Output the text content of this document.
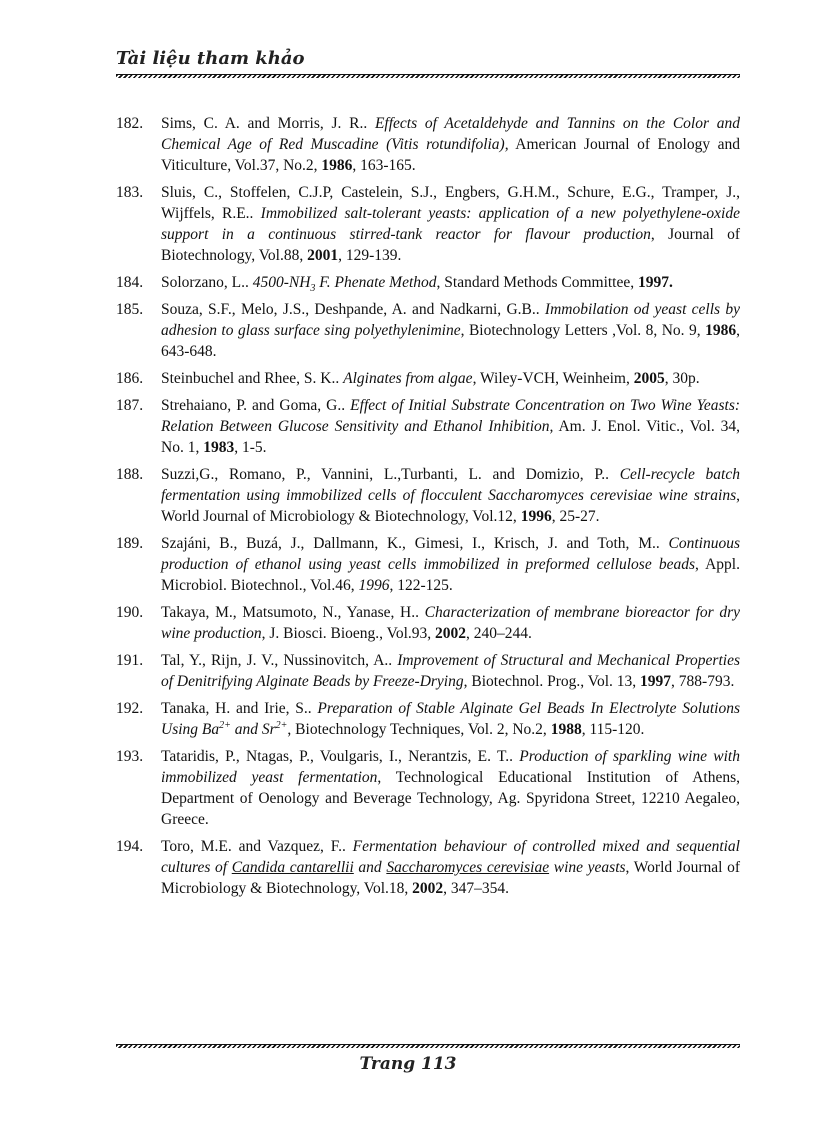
Tài liệu tham khảo
182.	Sims, C. A. and Morris, J. R.. Effects of Acetaldehyde and Tannins on the Color and Chemical Age of Red Muscadine (Vitis rotundifolia), American Journal of Enology and Viticulture, Vol.37, No.2, 1986, 163-165.
183.	Sluis, C., Stoffelen, C.J.P, Castelein, S.J., Engbers, G.H.M., Schure, E.G., Tramper, J., Wijffels, R.E.. Immobilized salt-tolerant yeasts: application of a new polyethylene-oxide support in a continuous stirred-tank reactor for flavour production, Journal of Biotechnology, Vol.88, 2001, 129-139.
184.	Solorzano, L.. $4500-NH_3$ F. Phenate Method, Standard Methods Committee, 1997.
185.	Souza, S.F., Melo, J.S., Deshpande, A. and Nadkarni, G.B.. Immobilation od yeast cells by adhesion to glass surface sing polyethylenimine, Biotechnology Letters ,Vol. 8, No. 9, 1986, 643-648.
186.	Steinbuchel and Rhee, S. K.. Alginates from algae, Wiley-VCH, Weinheim, 2005, 30p.
187.	Strehaiano, P. and Goma, G.. Effect of Initial Substrate Concentration on Two Wine Yeasts: Relation Between Glucose Sensitivity and Ethanol Inhibition, Am. J. Enol. Vitic., Vol. 34, No. 1, 1983, 1-5.
188.	Suzzi,G., Romano, P., Vannini, L.,Turbanti, L. and Domizio, P.. Cell-recycle batch fermentation using immobilized cells of flocculent Saccharomyces cerevisiae wine strains, World Journal of Microbiology & Biotechnology, Vol.12, 1996, 25-27.
189.	Szajáni, B., Buzá, J., Dallmann, K., Gimesi, I., Krisch, J. and Toth, M.. Continuous production of ethanol using yeast cells immobilized in preformed cellulose beads, Appl. Microbiol. Biotechnol., Vol.46, 1996, 122-125.
190.	Takaya, M., Matsumoto, N., Yanase, H.. Characterization of membrane bioreactor for dry wine production, J. Biosci. Bioeng., Vol.93, 2002, 240–244.
191.	Tal, Y., Rijn, J. V., Nussinovitch, A.. Improvement of Structural and Mechanical Properties of Denitrifying Alginate Beads by Freeze-Drying, Biotechnol. Prog., Vol. 13, 1997, 788-793.
192.	Tanaka, H. and Irie, S.. Preparation of Stable Alginate Gel Beads In Electrolyte Solutions Using $Ba^{2+}$ and $Sr^{2+}$, Biotechnology Techniques, Vol. 2, No.2, 1988, 115-120.
193.	Tataridis, P., Ntagas, P., Voulgaris, I., Nerantzis, E. T.. Production of sparkling wine with immobilized yeast fermentation, Technological Educational Institution of Athens, Department of Oenology and Beverage Technology, Ag. Spyridona Street, 12210 Aegaleo, Greece.
194.	Toro, M.E. and Vazquez, F.. Fermentation behaviour of controlled mixed and sequential cultures of Candida cantarellii and Saccharomyces cerevisiae wine yeasts, World Journal of Microbiology & Biotechnology, Vol.18, 2002, 347–354.
Trang 113
